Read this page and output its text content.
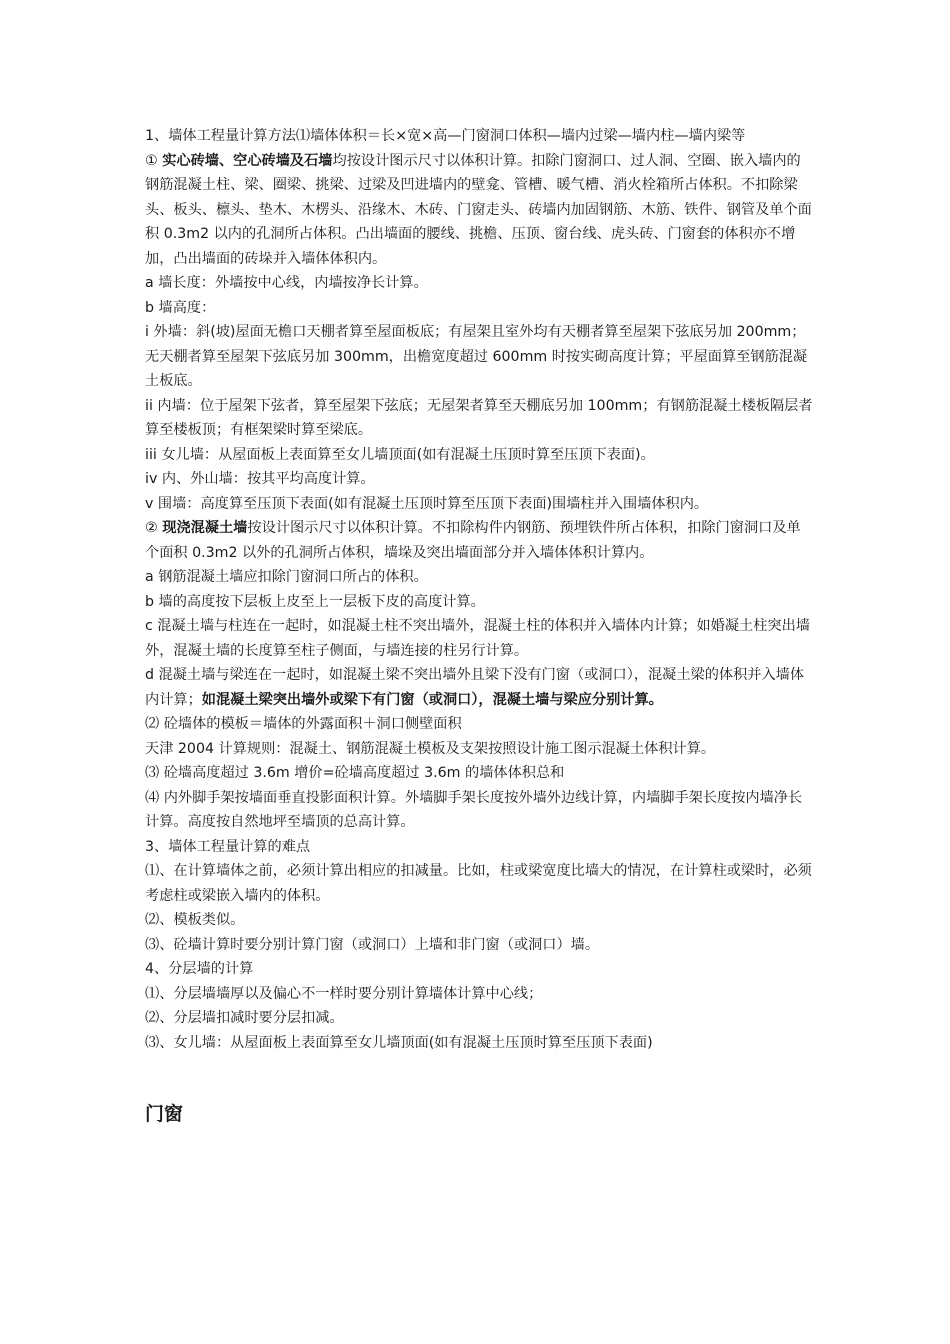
1、墙体工程量计算方法⑴墙体体积＝长×宽×高—门窗洞口体积—墙内过梁—墙内柱—墙内梁等

① 实心砖墙、空心砖墙及石墙均按设计图示尺寸以体积计算。扣除门窗洞口、过人洞、空圈、嵌入墙内的钢筋混凝土柱、梁、圈梁、挑梁、过梁及凹进墙内的壁龛、管槽、暖气槽、消火栓箱所占体积。不扣除梁头、板头、檩头、垫木、木楞头、沿缘木、木砖、门窗走头、砖墙内加固钢筋、木筋、铁件、钢管及单个面积 0.3m2 以内的孔洞所占体积。凸出墙面的腰线、挑檐、压顶、窗台线、虎头砖、门窗套的体积亦不增加，凸出墙面的砖垛并入墙体体积内。

a 墙长度：外墙按中心线，内墙按净长计算。

b 墙高度：

i 外墙：斜(坡)屋面无檐口天棚者算至屋面板底；有屋架且室外均有天棚者算至屋架下弦底另加 200mm；无天棚者算至屋架下弦底另加 300mm，出檐宽度超过 600mm 时按实砌高度计算；平屋面算至钢筋混凝土板底。

ii 内墙：位于屋架下弦者，算至屋架下弦底；无屋架者算至天棚底另加 100mm；有钢筋混凝土楼板隔层者算至楼板顶；有框架梁时算至梁底。

iii 女儿墙：从屋面板上表面算至女儿墙顶面(如有混凝土压顶时算至压顶下表面)。

iv 内、外山墙：按其平均高度计算。

v 围墙：高度算至压顶下表面(如有混凝土压顶时算至压顶下表面)围墙柱并入围墙体积内。

② 现浇混凝土墙按设计图示尺寸以体积计算。不扣除构件内钢筋、预埋铁件所占体积，扣除门窗洞口及单个面积 0.3m2 以外的孔洞所占体积，墙垛及突出墙面部分并入墙体体积计算内。

a 钢筋混凝土墙应扣除门窗洞口所占的体积。

b 墙的高度按下层板上皮至上一层板下皮的高度计算。

c 混凝土墙与柱连在一起时，如混凝土柱不突出墙外，混凝土柱的体积并入墙体内计算；如婚凝土柱突出墙外，混凝土墙的长度算至柱子侧面，与墙连接的柱另行计算。

d 混凝土墙与梁连在一起时，如混凝土梁不突出墙外且梁下没有门窗（或洞口），混凝土梁的体积并入墙体内计算；如混凝土梁突出墙外或梁下有门窗（或洞口），混凝土墙与梁应分别计算。

⑵ 砼墙体的模板＝墙体的外露面积＋洞口侧壁面积

天津 2004 计算规则：混凝土、钢筋混凝土模板及支架按照设计施工图示混凝土体积计算。

⑶ 砼墙高度超过 3.6m 增价=砼墙高度超过 3.6m 的墙体体积总和

⑷ 内外脚手架按墙面垂直投影面积计算。外墙脚手架长度按外墙外边线计算，内墙脚手架长度按内墙净长计算。高度按自然地坪至墙顶的总高计算。

3、墙体工程量计算的难点

⑴、在计算墙体之前，必须计算出相应的扣减量。比如，柱或梁宽度比墙大的情况，在计算柱或梁时，必须考虑柱或梁嵌入墙内的体积。

⑵、模板类似。

⑶、砼墙计算时要分别计算门窗（或洞口）上墙和非门窗（或洞口）墙。

4、分层墙的计算

⑴、分层墙墙厚以及偏心不一样时要分别计算墙体计算中心线；

⑵、分层墙扣减时要分层扣减。

⑶、女儿墙：从屋面板上表面算至女儿墙顶面(如有混凝土压顶时算至压顶下表面)

门窗
